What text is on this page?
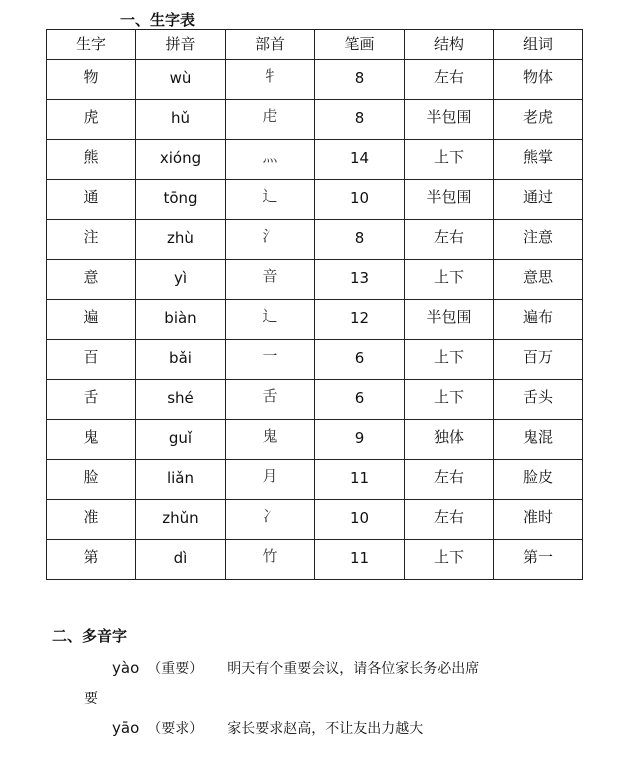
一、生字表
生字	拼音	部首	笔画	结构	组词

物	wù	牜	8	左右	物体

虎	hǔ	虍	8	半包围	老虎

熊	xióng	灬	14	上下	熊掌

通	tōng	辶	10	半包围	通过

注	zhù	氵	8	左右	注意

意	yì	音	13	上下	意思

遍	biàn	辶	12	半包围	遍布

百	bǎi	一	6	上下	百万

舌	shé	舌	6	上下	舌头

鬼	guǐ	鬼	9	独体	鬼混

脸	liǎn	月	11	左右	脸皮

准	zhǔn	冫	10	左右	准时

第	dì	竹	11	上下	第一
二、多音字
yào （重要） 明天有个重要会议，请各位家长务必出席
要
yāo （要求） 家长要求赵高，不让友出力越大
